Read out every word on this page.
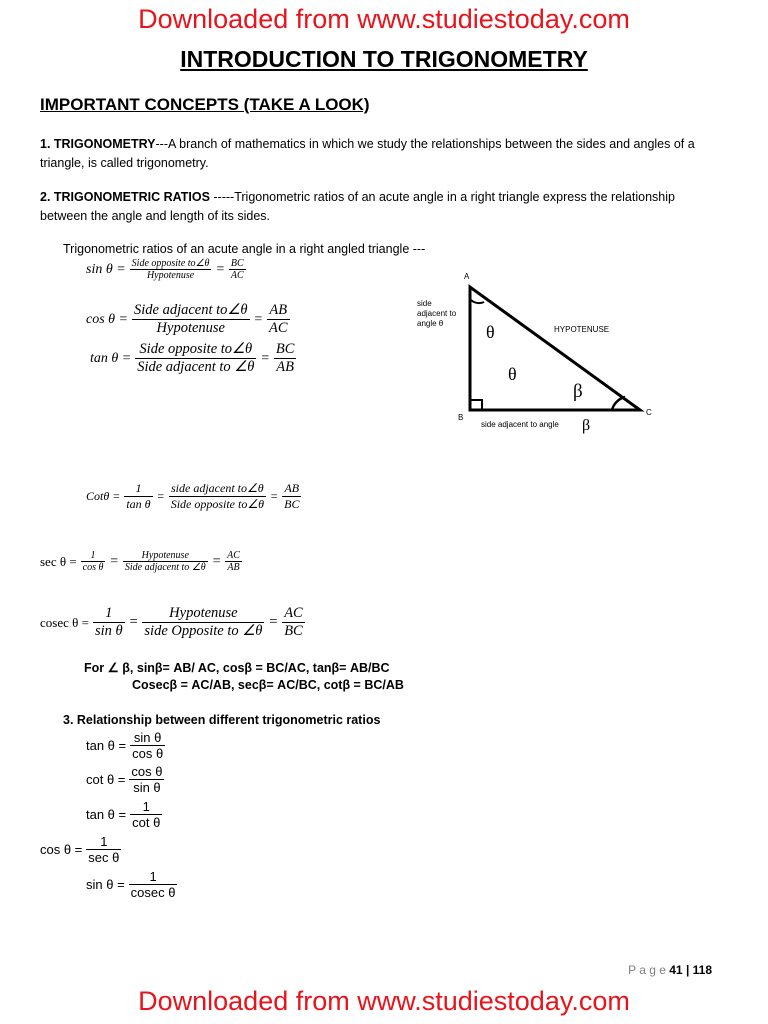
Downloaded from www.studiestoday.com
INTRODUCTION TO TRIGONOMETRY
IMPORTANT CONCEPTS (TAKE A LOOK)
1. TRIGONOMETRY---A branch of mathematics in which we study the relationships between the sides and angles of a triangle, is called trigonometry.
2. TRIGONOMETRIC RATIOS -----Trigonometric ratios of an acute angle in a right triangle express the relationship between the angle and length of its sides.
Trigonometric ratios of an acute angle in a right angled triangle ---
$\sin \theta = \frac{\text{Side opposite to∠θ}}{\text{Hypotenuse}} = \frac{BC}{AC}$
$\cos \theta = \frac{\text{Side adjacent to∠θ}}{\text{Hypotenuse}} = \frac{AB}{AC}$
$\tan \theta = \frac{\text{Side opposite to∠θ}}{\text{Side adjacent to ∠θ}} = \frac{BC}{AB}$
A
B
C
side
adjacent to
angle θ
HYPOTENUSE
θ
θ
β
side adjacent to angle β
$Cot\theta = \frac{1}{\text{tan θ}} = \frac{\text{side adjacent to∠θ}}{\text{Side opposite to∠θ}} = \frac{AB}{BC}$
$\sec \theta = \frac{1}{\text{cos θ}} = \frac{\text{Hypotenuse}}{\text{Side adjacent to ∠θ}} = \frac{AC}{AB}$
cosec $\theta = \frac{1}{\text{sin θ}} = \frac{\text{Hypotenuse}}{\text{side Opposite to ∠θ}} = \frac{AC}{BC}$
For ∠ β, sinβ= AB/ AC, cosβ = BC/AC, tanβ= AB/BC
Cosecβ = AC/AB, secβ= AC/BC, cotβ = BC/AB
3. Relationship between different trigonometric ratios
$\tan \theta = \frac{\text{sin θ}}{\text{cos θ}}$
$\cot \theta = \frac{\text{cos θ}}{\text{sin θ}}$
$\tan \theta = \frac{1}{\text{cot θ}}$
$\cos \theta = \frac{1}{\text{sec θ}}$
$\sin \theta = \frac{1}{\text{cosec θ}}$
P a g e 41 | 118
Downloaded from www.studiestoday.com
